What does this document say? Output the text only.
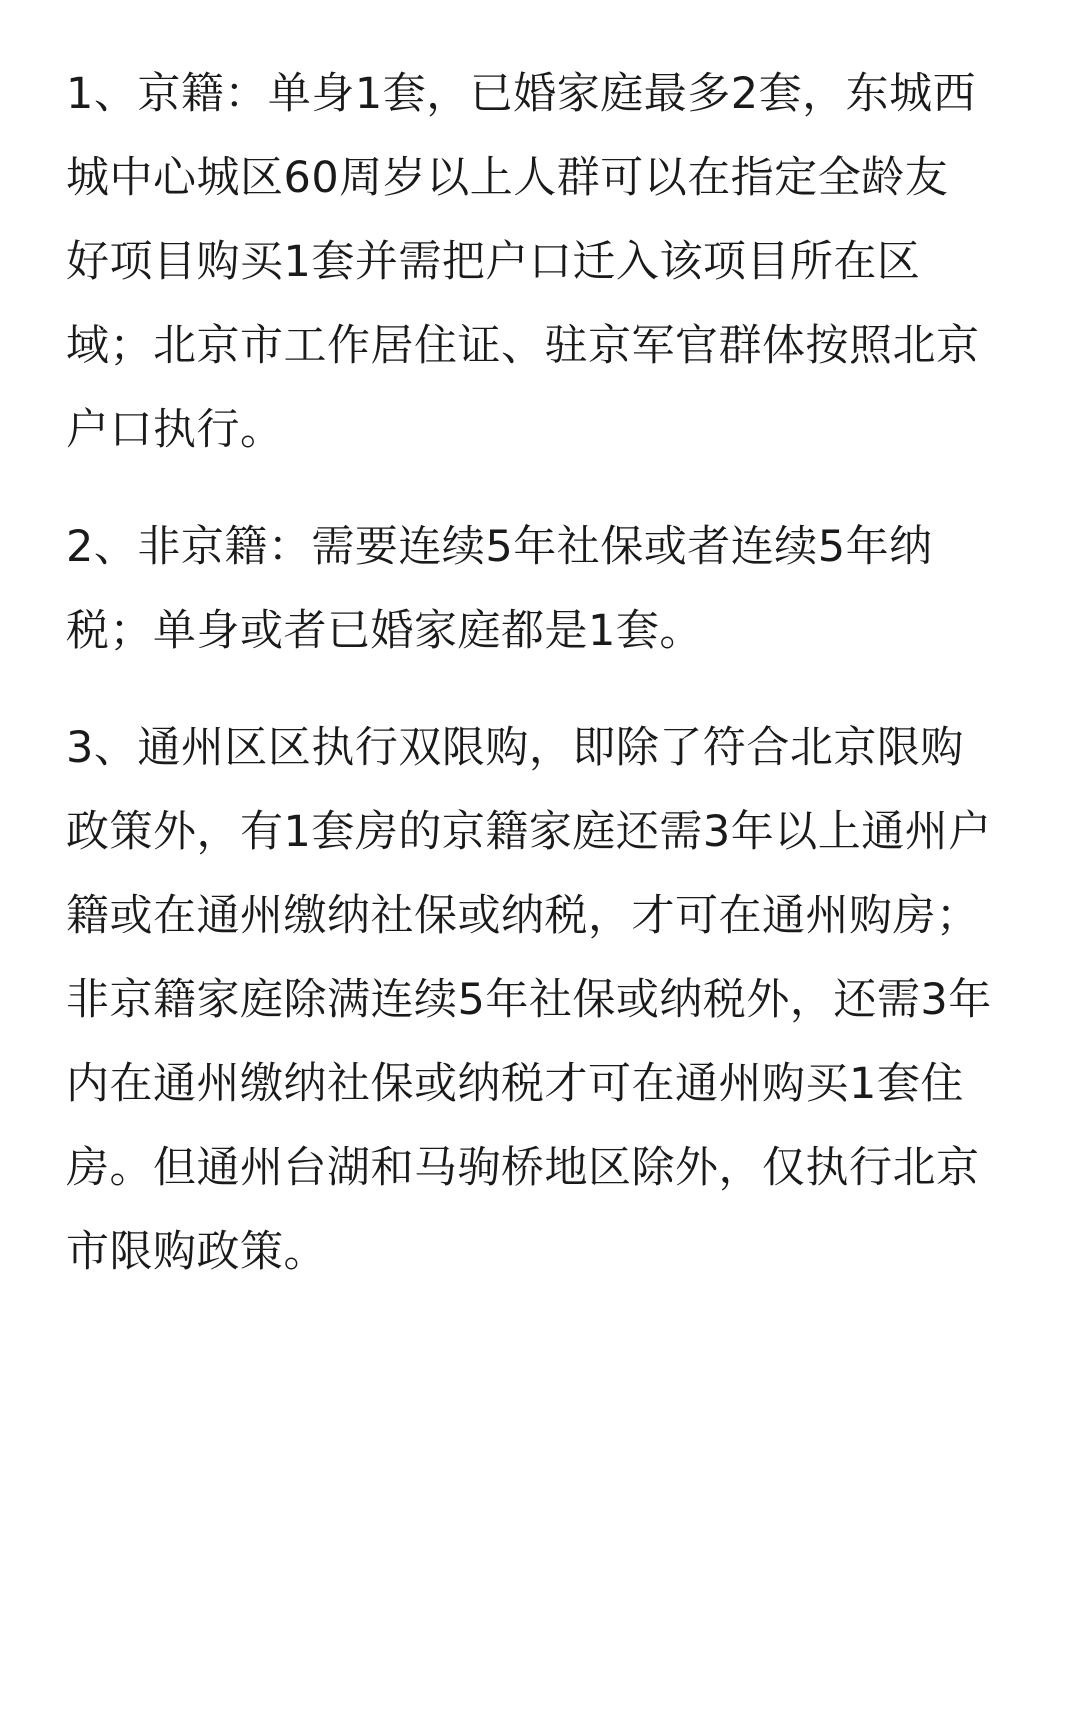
1、京籍：单身1套，已婚家庭最多2套，东城西
城中心城区60周岁以上人群可以在指定全龄友
好项目购买1套并需把户口迁入该项目所在区
域；北京市工作居住证、驻京军官群体按照北京
户口执行。

2、非京籍：需要连续5年社保或者连续5年纳
税；单身或者已婚家庭都是1套。

3、通州区区执行双限购，即除了符合北京限购
政策外，有1套房的京籍家庭还需3年以上通州户
籍或在通州缴纳社保或纳税，才可在通州购房；
非京籍家庭除满连续5年社保或纳税外，还需3年
内在通州缴纳社保或纳税才可在通州购买1套住
房。但通州台湖和马驹桥地区除外，仅执行北京
市限购政策。
